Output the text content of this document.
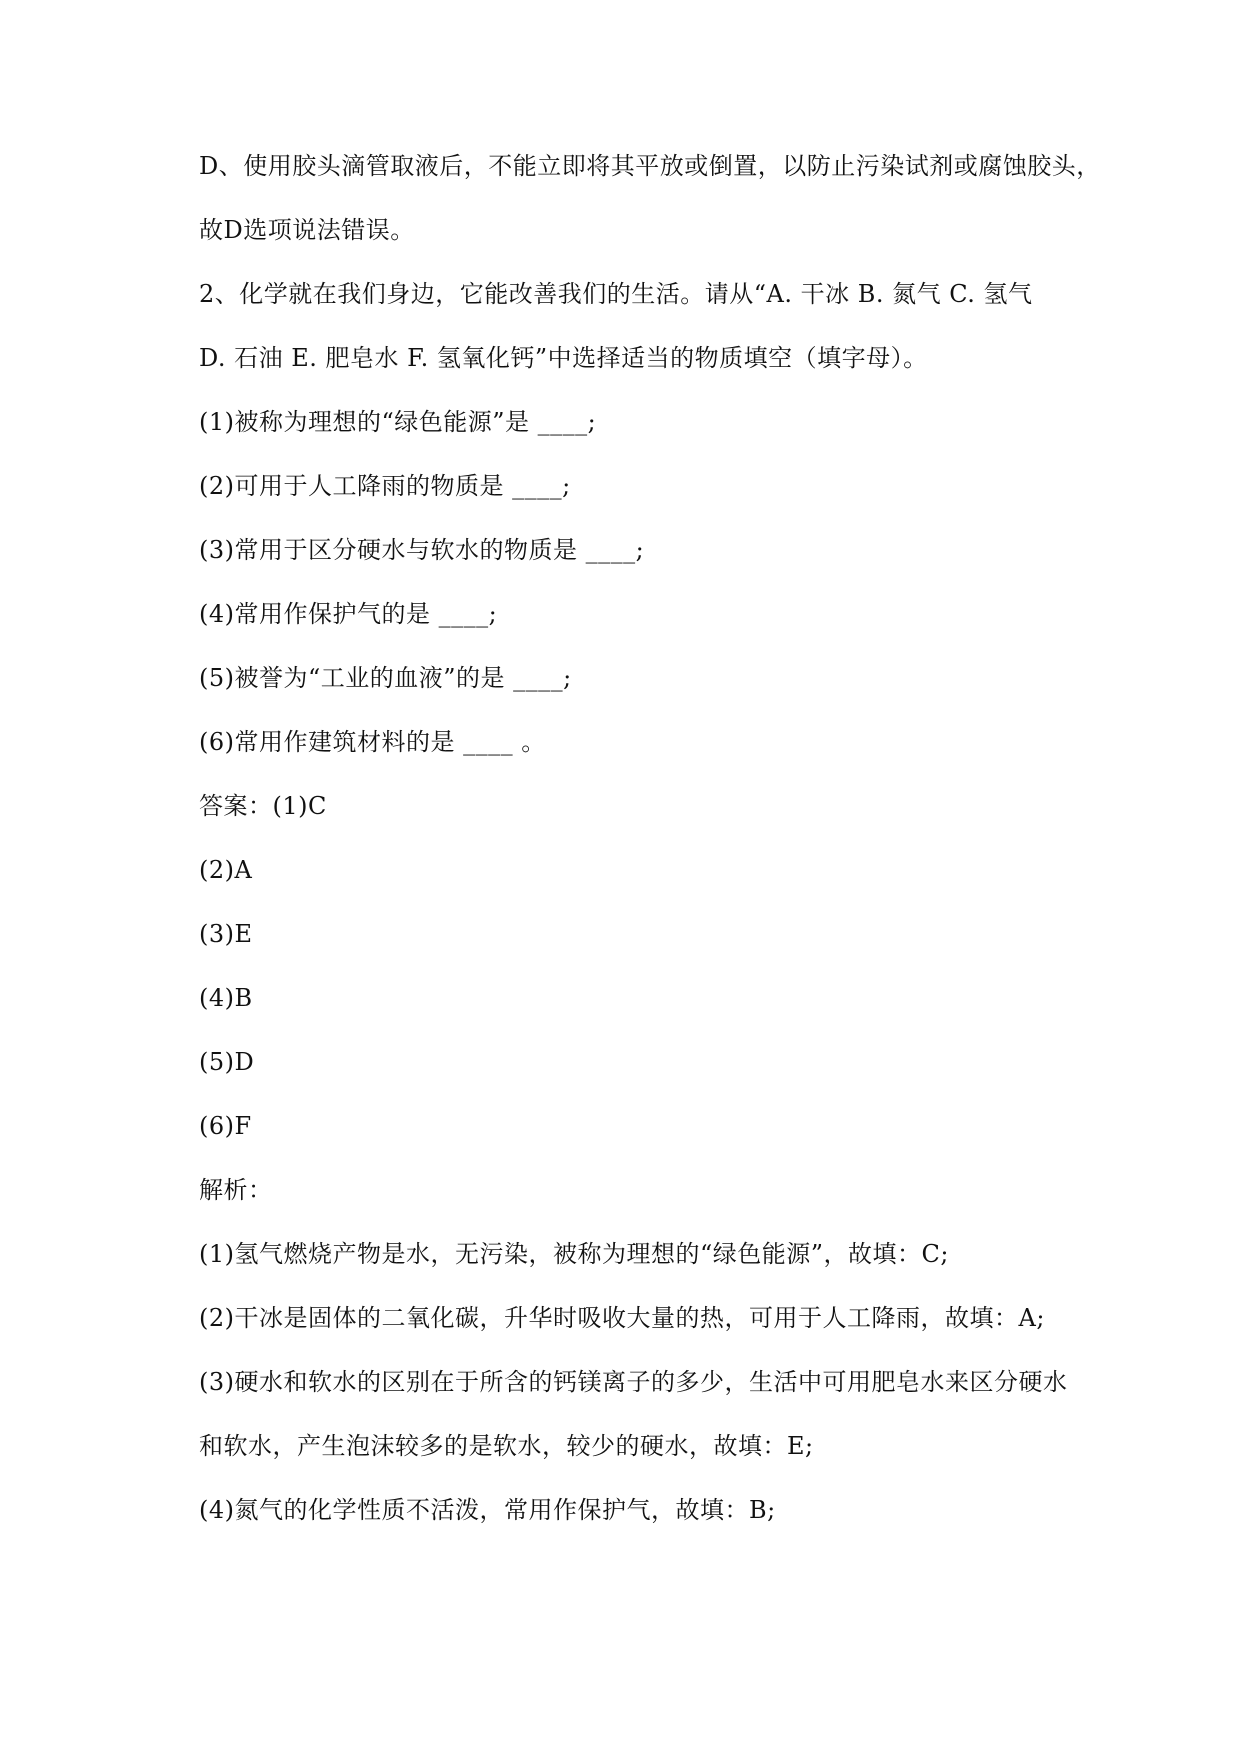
D、使用胶头滴管取液后，不能立即将其平放或倒置，以防止污染试剂或腐蚀胶头，
故D选项说法错误。
2、化学就在我们身边，它能改善我们的生活。请从“A. 干冰 B. 氮气 C. 氢气
D. 石油 E. 肥皂水 F. 氢氧化钙”中选择适当的物质填空（填字母）。
(1)被称为理想的“绿色能源”是 ____;
(2)可用于人工降雨的物质是 ____;
(3)常用于区分硬水与软水的物质是 ____;
(4)常用作保护气的是 ____;
(5)被誉为“工业的血液”的是 ____;
(6)常用作建筑材料的是 ____ 。
答案：(1)C
(2)A
(3)E
(4)B
(5)D
(6)F
解析：
(1)氢气燃烧产物是水，无污染，被称为理想的“绿色能源”，故填：C;
(2)干冰是固体的二氧化碳，升华时吸收大量的热，可用于人工降雨，故填：A;
(3)硬水和软水的区别在于所含的钙镁离子的多少，生活中可用肥皂水来区分硬水
和软水，产生泡沫较多的是软水，较少的硬水，故填：E;
(4)氮气的化学性质不活泼，常用作保护气，故填：B;
